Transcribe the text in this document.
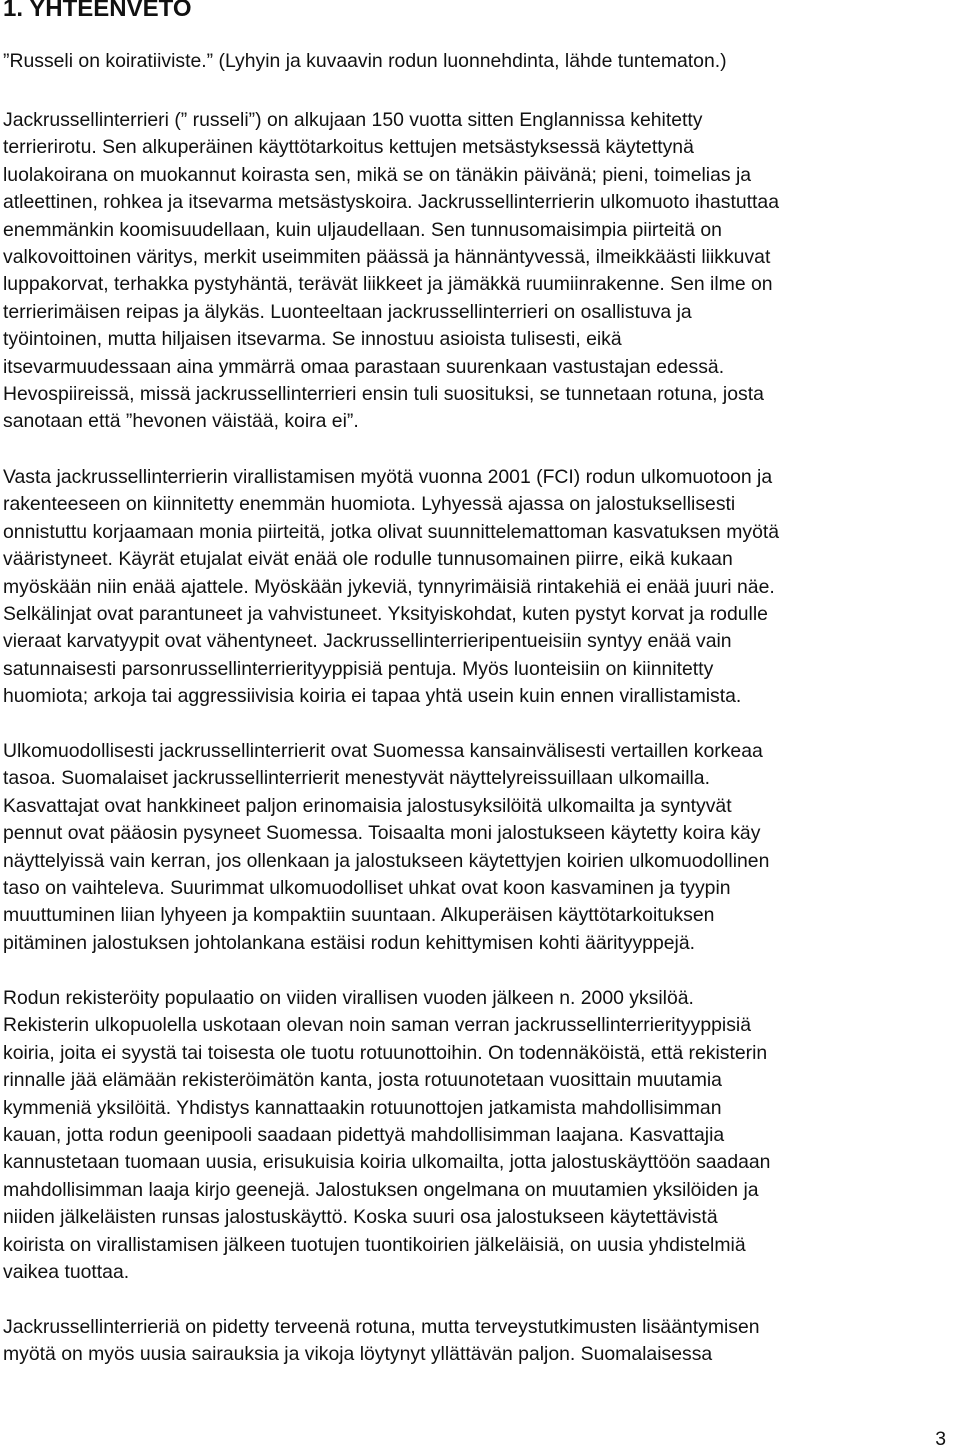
1. YHTEENVETO

”Russeli on koiratiiviste.” (Lyhyin ja kuvaavin rodun luonnehdinta, lähde tuntematon.)

Jackrussellinterrieri (” russeli”) on alkujaan 150 vuotta sitten Englannissa kehitetty
terrierirotu. Sen alkuperäinen käyttötarkoitus kettujen metsästyksessä käytettynä
luolakoirana on muokannut koirasta sen, mikä se on tänäkin päivänä; pieni, toimelias ja
atleettinen, rohkea ja itsevarma metsästyskoira. Jackrussellinterrierin ulkomuoto ihastuttaa
enemmänkin koomisuudellaan, kuin uljaudellaan. Sen tunnusomaisimpia piirteitä on
valkovoittoinen väritys, merkit useimmiten päässä ja hännäntyvessä, ilmeikkäästi liikkuvat
luppakorvat, terhakka pystyhäntä, terävät liikkeet ja jämäkkä ruumiinrakenne. Sen ilme on
terrierimäisen reipas ja älykäs. Luonteeltaan jackrussellinterrieri on osallistuva ja
työintoinen, mutta hiljaisen itsevarma. Se innostuu asioista tulisesti, eikä
itsevarmuudessaan aina ymmärrä omaa parastaan suurenkaan vastustajan edessä.
Hevospiireissä, missä jackrussellinterrieri ensin tuli suosituksi, se tunnetaan rotuna, josta
sanotaan että ”hevonen väistää, koira ei”.

Vasta jackrussellinterrierin virallistamisen myötä vuonna 2001 (FCI) rodun ulkomuotoon ja
rakenteeseen on kiinnitetty enemmän huomiota. Lyhyessä ajassa on jalostuksellisesti
onnistuttu korjaamaan monia piirteitä, jotka olivat suunnittelemattoman kasvatuksen myötä
vääristyneet. Käyrät etujalat eivät enää ole rodulle tunnusomainen piirre, eikä kukaan
myöskään niin enää ajattele. Myöskään jykeviä, tynnyrimäisiä rintakehiä ei enää juuri näe.
Selkälinjat ovat parantuneet ja vahvistuneet. Yksityiskohdat, kuten pystyt korvat ja rodulle
vieraat karvatyypit ovat vähentyneet. Jackrussellinterrieripentueisiin syntyy enää vain
satunnaisesti parsonrussellinterrierityyppisiä pentuja. Myös luonteisiin on kiinnitetty
huomiota; arkoja tai aggressiivisia koiria ei tapaa yhtä usein kuin ennen virallistamista.

Ulkomuodollisesti jackrussellinterrierit ovat Suomessa kansainvälisesti vertaillen korkeaa
tasoa. Suomalaiset jackrussellinterrierit menestyvät näyttelyreissuillaan ulkomailla.
Kasvattajat ovat hankkineet paljon erinomaisia jalostusyksilöitä ulkomailta ja syntyvät
pennut ovat pääosin pysyneet Suomessa. Toisaalta moni jalostukseen käytetty koira käy
näyttelyissä vain kerran, jos ollenkaan ja jalostukseen käytettyjen koirien ulkomuodollinen
taso on vaihteleva. Suurimmat ulkomuodolliset uhkat ovat koon kasvaminen ja tyypin
muuttuminen liian lyhyeen ja kompaktiin suuntaan. Alkuperäisen käyttötarkoituksen
pitäminen jalostuksen johtolankana estäisi rodun kehittymisen kohti äärityyppejä.

Rodun rekisteröity populaatio on viiden virallisen vuoden jälkeen n. 2000 yksilöä.
Rekisterin ulkopuolella uskotaan olevan noin saman verran jackrussellinterrierityyppisiä
koiria, joita ei syystä tai toisesta ole tuotu rotuunottoihin. On todennäköistä, että rekisterin
rinnalle jää elämään rekisteröimätön kanta, josta rotuunotetaan vuosittain muutamia
kymmeniä yksilöitä. Yhdistys kannattaakin rotuunottojen jatkamista mahdollisimman
kauan, jotta rodun geenipooli saadaan pidettyä mahdollisimman laajana. Kasvattajia
kannustetaan tuomaan uusia, erisukuisia koiria ulkomailta, jotta jalostuskäyttöön saadaan
mahdollisimman laaja kirjo geenejä. Jalostuksen ongelmana on muutamien yksilöiden ja
niiden jälkeläisten runsas jalostuskäyttö. Koska suuri osa jalostukseen käytettävistä
koirista on virallistamisen jälkeen tuotujen tuontikoirien jälkeläisiä, on uusia yhdistelmiä
vaikea tuottaa.

Jackrussellinterrieriä on pidetty terveenä rotuna, mutta terveystutkimusten lisääntymisen
myötä on myös uusia sairauksia ja vikoja löytynyt yllättävän paljon. Suomalaisessa

3
